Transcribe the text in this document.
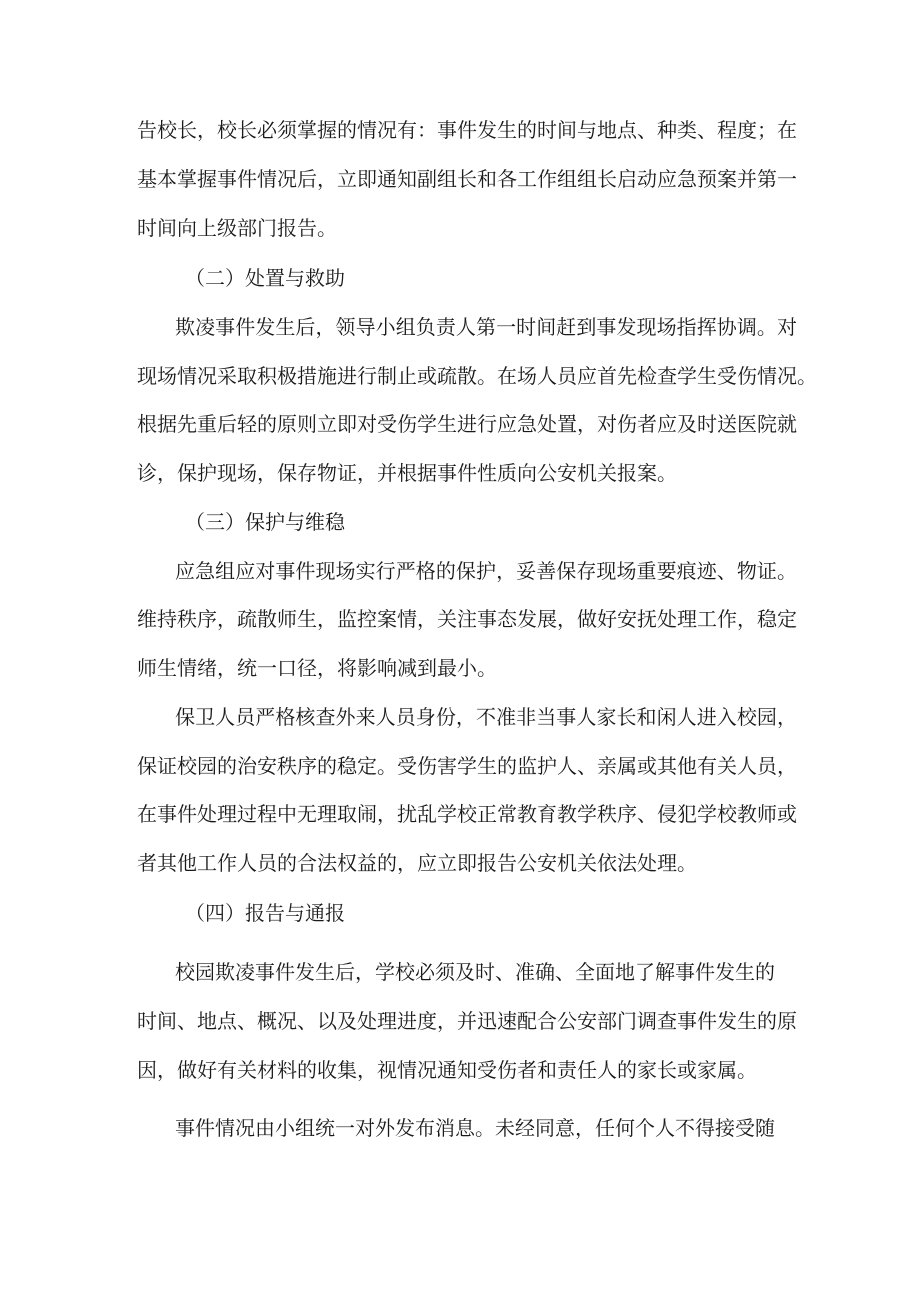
告校长，校长必须掌握的情况有：事件发生的时间与地点、种类、程度；在
基本掌握事件情况后，立即通知副组长和各工作组组长启动应急预案并第一
时间向上级部门报告。
（二）处置与救助
欺凌事件发生后，领导小组负责人第一时间赶到事发现场指挥协调。对
现场情况采取积极措施进行制止或疏散。在场人员应首先检查学生受伤情况。
根据先重后轻的原则立即对受伤学生进行应急处置，对伤者应及时送医院就
诊，保护现场，保存物证，并根据事件性质向公安机关报案。
（三）保护与维稳
应急组应对事件现场实行严格的保护，妥善保存现场重要痕迹、物证。
维持秩序，疏散师生，监控案情，关注事态发展，做好安抚处理工作，稳定
师生情绪，统一口径，将影响减到最小。
保卫人员严格核查外来人员身份，不准非当事人家长和闲人进入校园，
保证校园的治安秩序的稳定。受伤害学生的监护人、亲属或其他有关人员，
在事件处理过程中无理取闹，扰乱学校正常教育教学秩序、侵犯学校教师或
者其他工作人员的合法权益的，应立即报告公安机关依法处理。
（四）报告与通报
校园欺凌事件发生后，学校必须及时、准确、全面地了解事件发生的
时间、地点、概况、以及处理进度，并迅速配合公安部门调查事件发生的原
因，做好有关材料的收集，视情况通知受伤者和责任人的家长或家属。
事件情况由小组统一对外发布消息。未经同意，任何个人不得接受随
